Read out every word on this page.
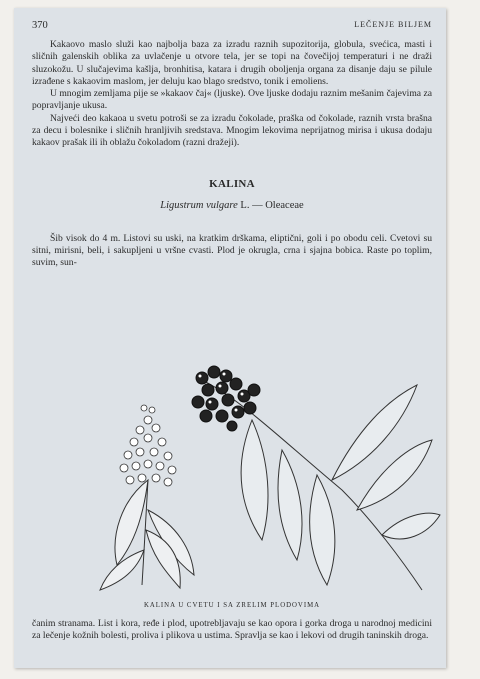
370	LEČENJE BILJEM

Kakaovo maslo služi kao najbolja baza za izradu raznih supozitorija, globula, svećica, masti i sličnih galenskih oblika za uvlačenje u otvore tela, jer se topi na čovečijoj temperaturi i ne draži sluzokožu. U slučajevima kašlja, bronhitisa, katara i drugih oboljenja organa za disanje daju se pilule izrađene s kakaovim maslom, jer deluju kao blago sredstvo, tonik i emoliens.

U mnogim zemljama pije se »kakaov čaj« (ljuske). Ove ljuske dodaju raznim mešanim čajevima za popravljanje ukusa.

Najveći deo kakaoa u svetu potroši se za izradu čokolade, praška od čokolade, raznih vrsta brašna za decu i bolesnike i sličnih hranljivih sredstava. Mnogim lekovima neprijatnog mirisa i ukusa dodaju kakaov prašak ili ih oblažu čokoladom (razni dražeji).

KALINA
Ligustrum vulgare L. — Oleaceae

Šib visok do 4 m. Listovi su uski, na kratkim drškama, eliptični, goli i po obodu celi. Cvetovi su sitni, mirisni, beli, i sakupljeni u vršne cvasti. Plod je okrugla, crna i sjajna bobica. Raste po toplim, suvim, sun-

KALINA U CVETU I SA ZRELIM PLODOVIMA

čanim stranama. List i kora, ređe i plod, upotrebljavaju se kao opora i gorka droga u narodnoj medicini za lečenje kožnih bolesti, proliva i plikova u ustima. Spravlja se kao i lekovi od drugih taninskih droga.
